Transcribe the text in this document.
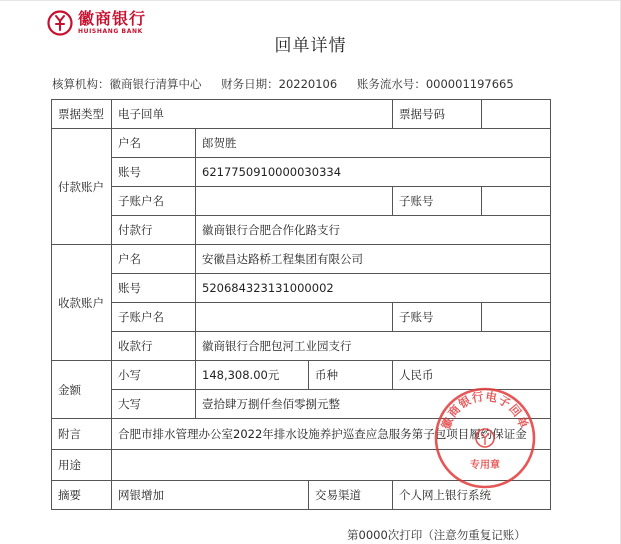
徽商银行
HUISHANG BANK
回单详情
核算机构：徽商银行清算中心 财务日期：20220106 账务流水号：000001197665
票据类型	电子回单			票据号码	
付款账户	户名	郎贺胜			
	账号	6217750910000030334			
	子账户名			子账号	
	付款行	徽商银行合肥合作化路支行			
收款账户	户名	安徽昌达路桥工程集团有限公司			
	账号	520684323131000002			
	子账户名			子账号	
	收款行	徽商银行合肥包河工业园支行			
金额	小写	148,308.00元	币种	人民币	
	大写	壹拾肆万捌仟叁佰零捌元整			
附言	合肥市排水管理办公室2022年排水设施养护巡查应急服务第子包项目履约保证金				
用途					
摘要	网银增加		交易渠道	个人网上银行系统	
徽商银行电子回单
专用章
第0000次打印（注意勿重复记账）
